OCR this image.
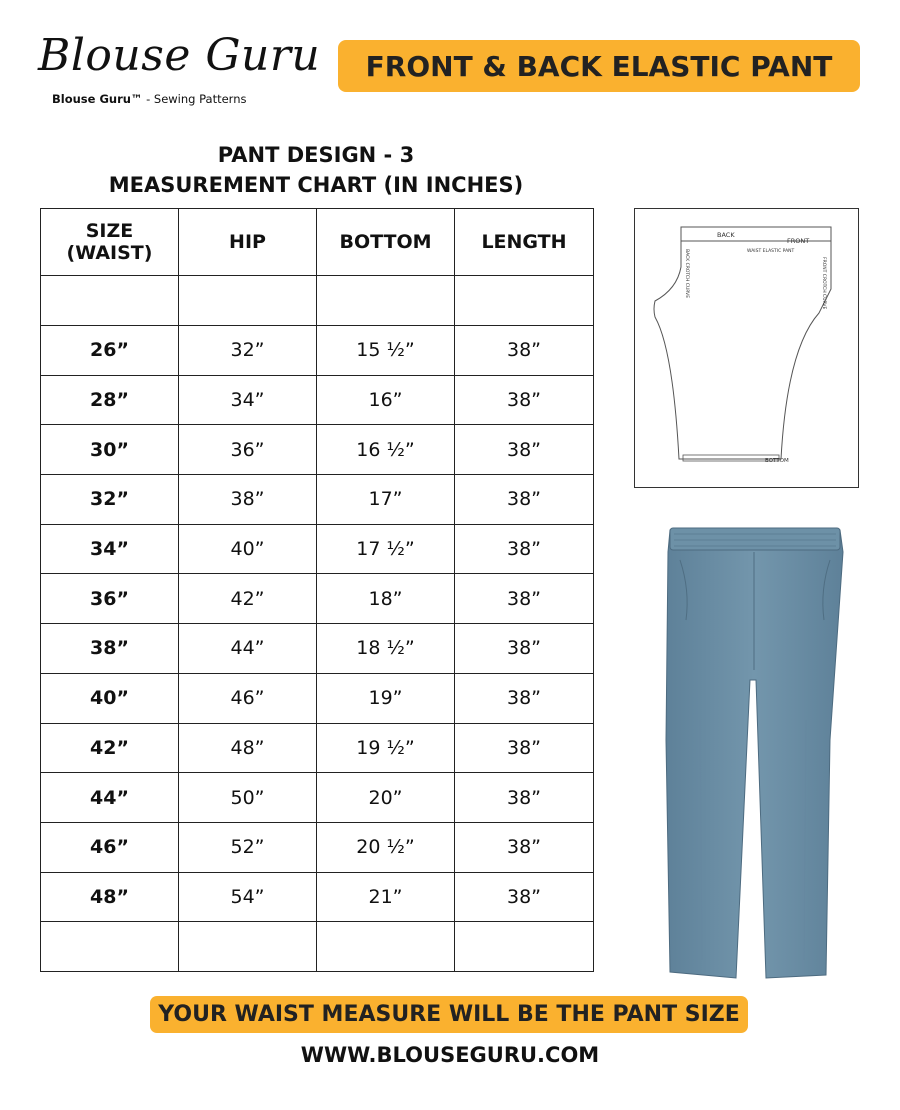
Blouse Guru
Blouse Guru™ - Sewing Patterns
FRONT & BACK ELASTIC PANT
PANT DESIGN - 3
MEASUREMENT CHART (IN INCHES)
SIZE
(WAIST)	HIP	BOTTOM	LENGTH

26”	32”	15 ½”	38”
28”	34”	16”	38”
30”	36”	16 ½”	38”
32”	38”	17”	38”
34”	40”	17 ½”	38”
36”	42”	18”	38”
38”	44”	18 ½”	38”
40”	46”	19”	38”
42”	48”	19 ½”	38”
44”	50”	20”	38”
46”	52”	20 ½”	38”
48”	54”	21”	38”

BACK
FRONT
WAIST ELASTIC PANT
BACK CROTCH CURVE	FRONT CROTCH CURVE
BOTTOM
YOUR WAIST MEASURE WILL BE THE PANT SIZE
WWW.BLOUSEGURU.COM
